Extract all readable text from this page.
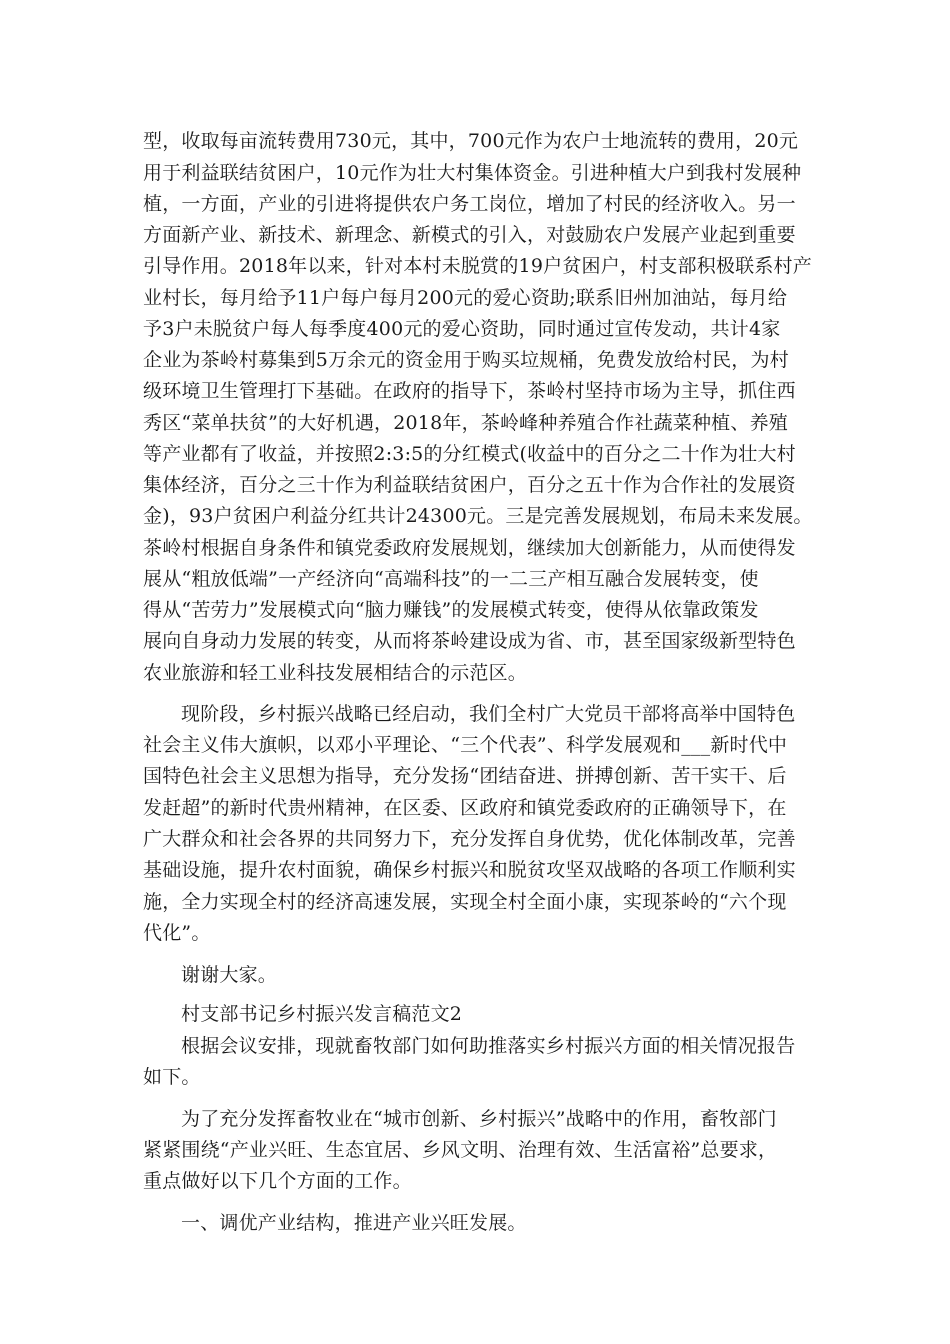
型，收取每亩流转费用730元，其中，700元作为农户士地流转的费用，20元
用于利益联结贫困户，10元作为壮大村集体资金。引进种植大户到我村发展种
植，一方面，产业的引进将提供农户务工岗位，增加了村民的经济收入。另一
方面新产业、新技术、新理念、新模式的引入，对鼓励农户发展产业起到重要
引导作用。2018年以来，针对本村未脱赏的19户贫困户，村支部积极联系村产
业村长，每月给予11户每户每月200元的爱心资助;联系旧州加油站，每月给
予3户未脱贫户每人每季度400元的爱心资助，同时通过宣传发动，共计4家
企业为茶岭村募集到5万余元的资金用于购买垃规桶，免费发放给村民，为村
级环境卫生管理打下基础。在政府的指导下，茶岭村坚持市场为主导，抓住西
秀区“菜单扶贫”的大好机遇，2018年，茶岭峰种养殖合作社蔬菜种植、养殖
等产业都有了收益，并按照2:3:5的分红模式(收益中的百分之二十作为壮大村
集体经济，百分之三十作为利益联结贫困户，百分之五十作为合作社的发展资
金)，93户贫困户利益分红共计24300元。三是完善发展规划，布局未来发展。
茶岭村根据自身条件和镇党委政府发展规划，继续加大创新能力，从而使得发
展从“粗放低端”一产经济向“高端科技”的一二三产相互融合发展转变，使
得从“苦劳力”发展模式向“脑力赚钱”的发展模式转变，使得从依靠政策发
展向自身动力发展的转变，从而将茶岭建设成为省、市，甚至国家级新型特色
农业旅游和轻工业科技发展相结合的示范区。
现阶段，乡村振兴战略已经启动，我们全村广大党员干部将高举中国特色
社会主义伟大旗帜，以邓小平理论、“三个代表”、科学发展观和___新时代中
国特色社会主义思想为指导，充分发扬“团结奋进、拼搏创新、苦干实干、后
发赶超”的新时代贵州精神，在区委、区政府和镇党委政府的正确领导下，在
广大群众和社会各界的共同努力下，充分发挥自身优势，优化体制改革，完善
基础设施，提升农村面貌，确保乡村振兴和脱贫攻坚双战略的各项工作顺利实
施，全力实现全村的经济高速发展，实现全村全面小康，实现茶岭的“六个现
代化”。
谢谢大家。
村支部书记乡村振兴发言稿范文2
根据会议安排，现就畜牧部门如何助推落实乡村振兴方面的相关情况报告
如下。
为了充分发挥畜牧业在“城市创新、乡村振兴”战略中的作用，畜牧部门
紧紧围绕“产业兴旺、生态宜居、乡风文明、治理有效、生活富裕”总要求，
重点做好以下几个方面的工作。
一、调优产业结构，推进产业兴旺发展。
